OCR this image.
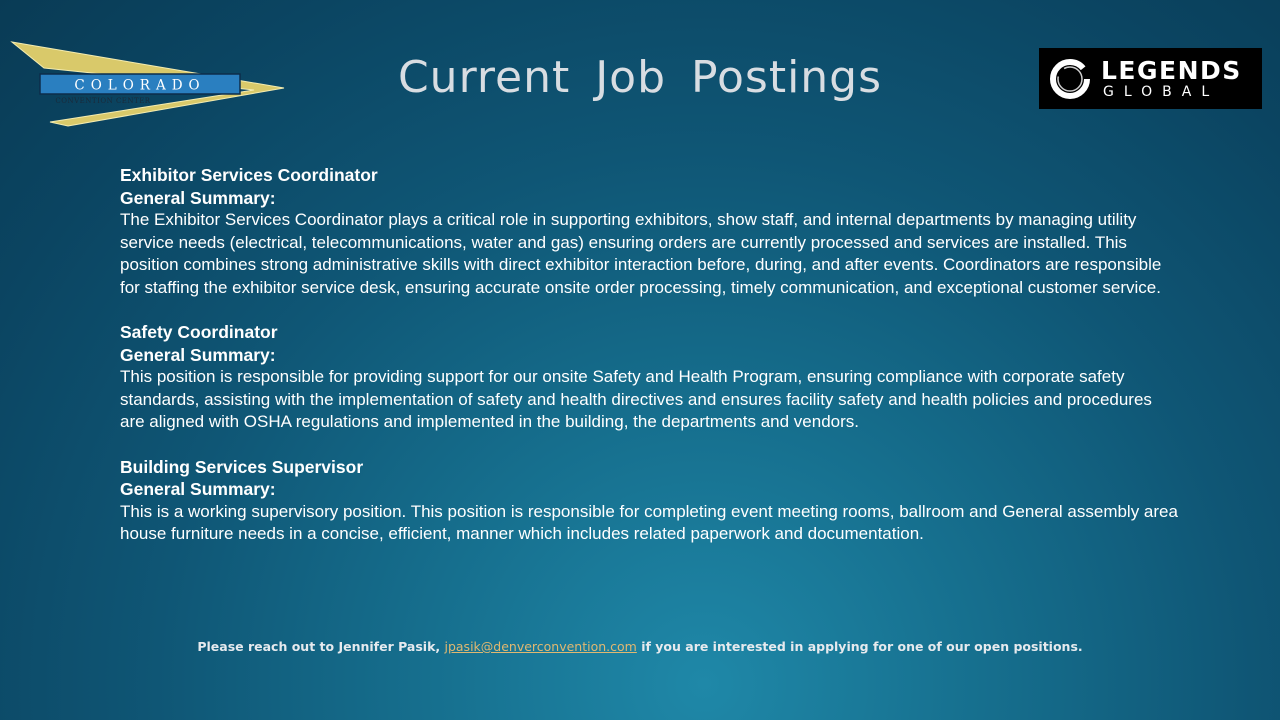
COLORADO
CONVENTION CENTER	Current Job Postings	LEGENDS
GLOBAL
Exhibitor Services Coordinator
General Summary:
The Exhibitor Services Coordinator plays a critical role in supporting exhibitors, show staff, and internal departments by managing utility service needs (electrical, telecommunications, water and gas) ensuring orders are currently processed and services are installed. This position combines strong administrative skills with direct exhibitor interaction before, during, and after events. Coordinators are responsible for staffing the exhibitor service desk, ensuring accurate onsite order processing, timely communication, and exceptional customer service.
Safety Coordinator
General Summary:
This position is responsible for providing support for our onsite Safety and Health Program, ensuring compliance with corporate safety standards, assisting with the implementation of safety and health directives and ensures facility safety and health policies and procedures are aligned with OSHA regulations and implemented in the building, the departments and vendors.
Building Services Supervisor
General Summary:
This is a working supervisory position. This position is responsible for completing event meeting rooms, ballroom and General assembly area house furniture needs in a concise, efficient, manner which includes related paperwork and documentation.
Please reach out to Jennifer Pasik, jpasik@denverconvention.com if you are interested in applying for one of our open positions.
